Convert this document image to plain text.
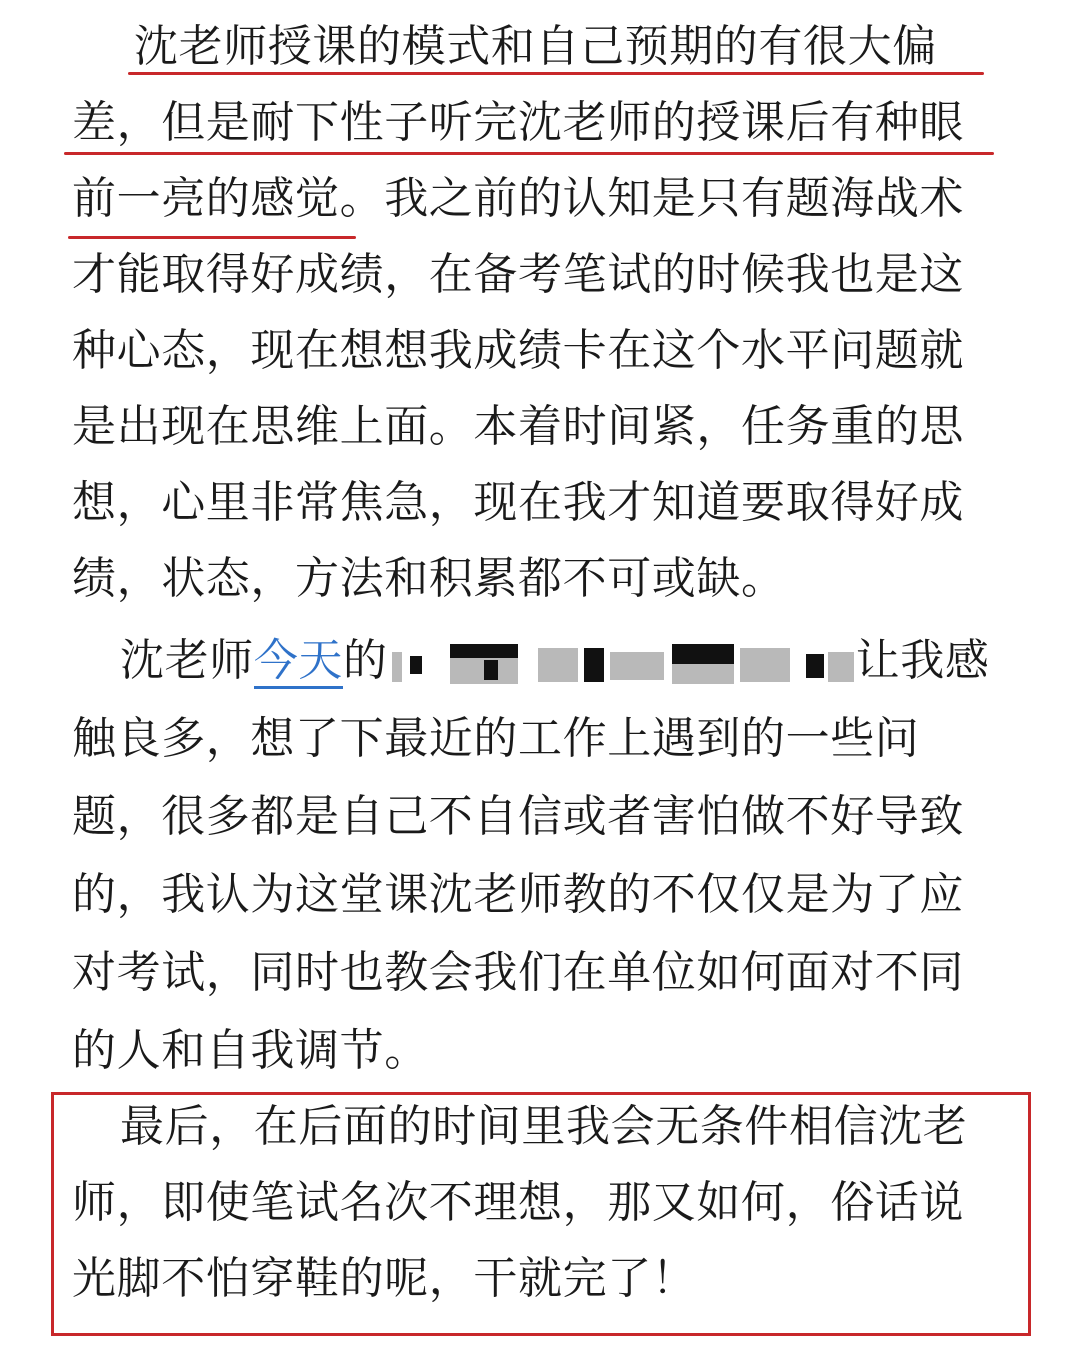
沈老师授课的模式和自己预期的有很大偏
差，但是耐下性子听完沈老师的授课后有种眼
前一亮的感觉。我之前的认知是只有题海战术
才能取得好成绩，在备考笔试的时候我也是这
种心态，现在想想我成绩卡在这个水平问题就
是出现在思维上面。本着时间紧，任务重的思
想，心里非常焦急，现在我才知道要取得好成
绩，状态，方法和积累都不可或缺。
沈老师今天的	让我感
触良多，想了下最近的工作上遇到的一些问
题，很多都是自己不自信或者害怕做不好导致
的，我认为这堂课沈老师教的不仅仅是为了应
对考试，同时也教会我们在单位如何面对不同
的人和自我调节。
最后，在后面的时间里我会无条件相信沈老
师，即使笔试名次不理想，那又如何，俗话说
光脚不怕穿鞋的呢，干就完了！
